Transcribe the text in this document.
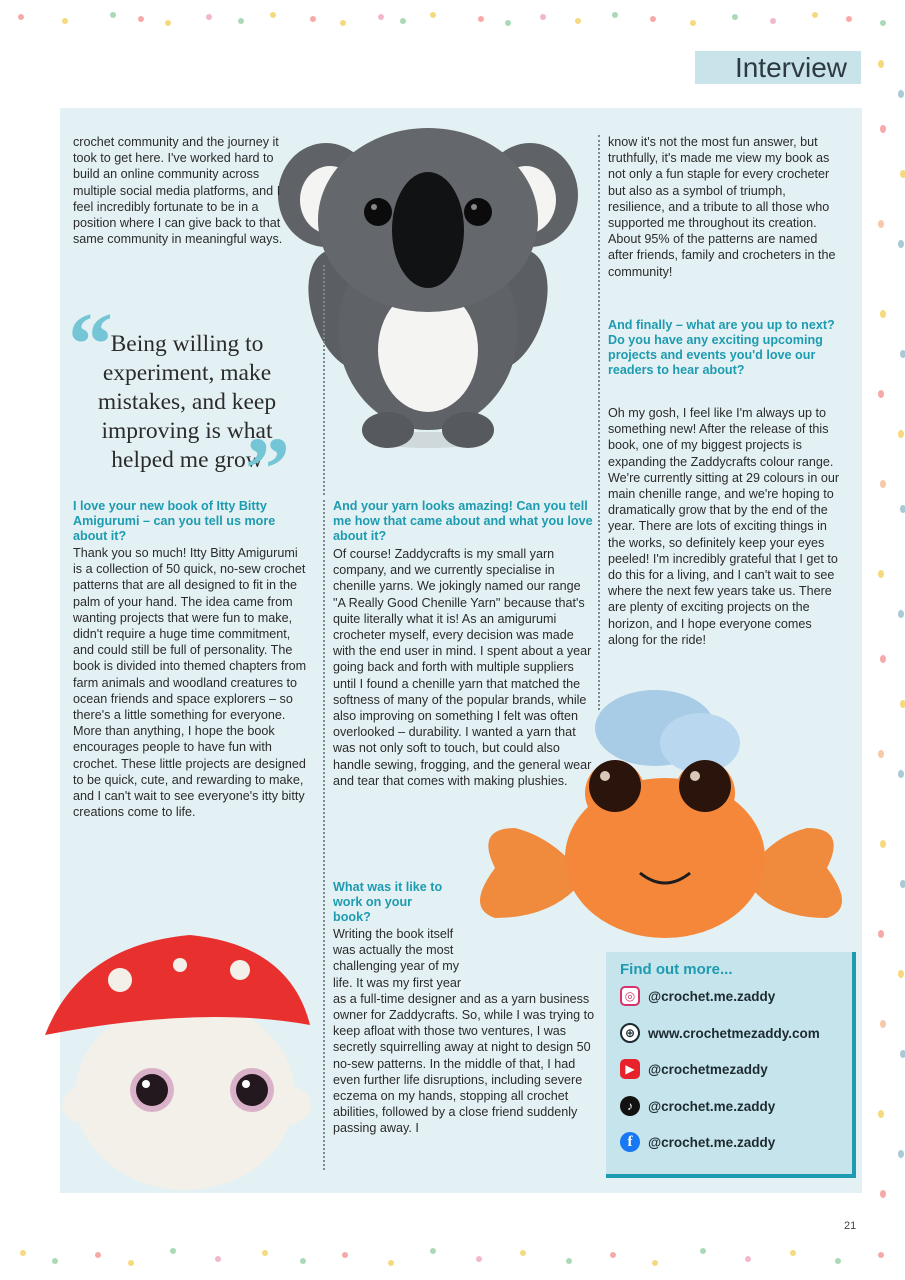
Interview
crochet community and the journey it took to get here. I've worked hard to build an online community across multiple social media platforms, and I feel incredibly fortunate to be in a position where I can give back to that same community in meaningful ways.
“
Being willing to experiment, make mistakes, and keep improving is what helped me grow
”
I love your new book of Itty Bitty Amigurumi – can you tell us more about it?
Thank you so much! Itty Bitty Amigurumi is a collection of 50 quick, no-sew crochet patterns that are all designed to fit in the palm of your hand. The idea came from wanting projects that were fun to make, didn't require a huge time commitment, and could still be full of personality. The book is divided into themed chapters from farm animals and woodland creatures to ocean friends and space explorers – so there's a little something for everyone. More than anything, I hope the book encourages people to have fun with crochet. These little projects are designed to be quick, cute, and rewarding to make, and I can't wait to see everyone's itty bitty creations come to life.
And your yarn looks amazing! Can you tell me how that came about and what you love about it?
Of course! Zaddycrafts is my small yarn company, and we currently specialise in chenille yarns. We jokingly named our range "A Really Good Chenille Yarn" because that's quite literally what it is! As an amigurumi crocheter myself, every decision was made with the end user in mind. I spent about a year going back and forth with multiple suppliers until I found a chenille yarn that matched the softness of many of the popular brands, while also improving on something I felt was often overlooked – durability. I wanted a yarn that was not only soft to touch, but could also handle sewing, frogging, and the general wear and tear that comes with making plushies.
What was it like to work on your book?
Writing the book itself was actually the most challenging year of my life. It was my first year as a full-time designer and as a yarn business owner for Zaddycrafts. So, while I was trying to keep afloat with those two ventures, I was secretly squirrelling away at night to design 50 no-sew patterns. In the middle of that, I had even further life disruptions, including severe eczema on my hands, stopping all crochet abilities, followed by a close friend suddenly passing away. I
know it's not the most fun answer, but truthfully, it's made me view my book as not only a fun staple for every crocheter but also as a symbol of triumph, resilience, and a tribute to all those who supported me throughout its creation. About 95% of the patterns are named after friends, family and crocheters in the community!
And finally – what are you up to next? Do you have any exciting upcoming projects and events you'd love our readers to hear about?
Oh my gosh, I feel like I'm always up to something new! After the release of this book, one of my biggest projects is expanding the Zaddycrafts colour range. We're currently sitting at 29 colours in our main chenille range, and we're hoping to dramatically grow that by the end of the year. There are lots of exciting things in the works, so definitely keep your eyes peeled! I'm incredibly grateful that I get to do this for a living, and I can't wait to see where the next few years take us. There are plenty of exciting projects on the horizon, and I hope everyone comes along for the ride!
Find out more...
◎ @crochet.me.zaddy
⊕ www.crochetmezaddy.com
▶ @crochetmezaddy
♪	@crochet.me.zaddy
f	@crochet.me.zaddy
21
